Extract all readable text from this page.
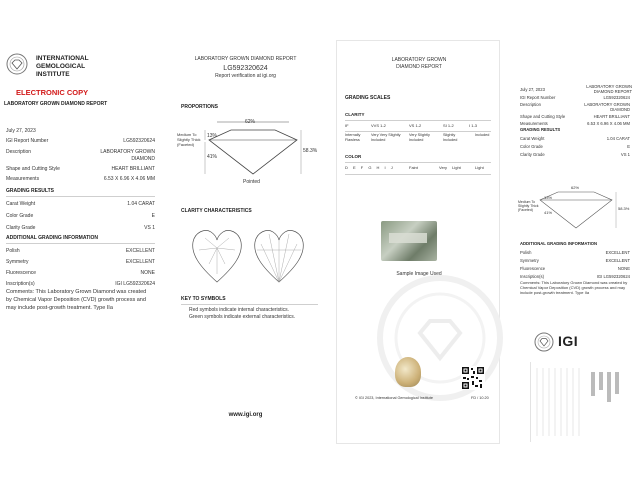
INTERNATIONAL
GEMOLOGICAL
INSTITUTE
ELECTRONIC COPY
LABORATORY GROWN DIAMOND REPORT
July 27, 2023
IGI Report Number	LG592320624
Description	LABORATORY GROWN
DIAMOND
Shape and Cutting Style	HEART BRILLIANT
Measurements	6.53 X 6.96 X 4.06 MM
GRADING RESULTS
Carat Weight	1.04 CARAT
Color Grade	E
Clarity Grade	VS 1
ADDITIONAL GRADING INFORMATION
Polish	EXCELLENT
Symmetry	EXCELLENT
Fluorescence	NONE
Inscription(s)	IGI LG592320624
Comments: This Laboratory Grown Diamond was created by Chemical Vapor Deposition (CVD) growth process and may include post-growth treatment. Type IIa
LABORATORY GROWN DIAMOND REPORT
LG592320624
Report verification at igi.org
PROPORTIONS
62%
58.3%
13%
41%
Medium To Slightly Thick (Faceted)
Pointed
CLARITY CHARACTERISTICS
KEY TO SYMBOLS
Red symbols indicate internal characteristics.
Green symbols indicate external characteristics.
www.igi.org
LABORATORY GROWN
DIAMOND REPORT
GRADING SCALES
CLARITY
IF	VVS 1-2	VS 1-2	SI 1-2	I 1-3
Internally Flawless
Very Very Slightly Included
Very Slightly Included
Slightly Included
Included
COLOR
D E F G H I J	Faint	Very Light	Light
Sample Image Used
© IGI 2023, International Gemological Institute	FD / 10.20
July 27, 2023
LABORATORY GROWN
DIAMOND REPORT
IGI Report Number	LG592320624
Description	LABORATORY GROWN
DIAMOND
Shape and Cutting Style	HEART BRILLIANT
Measurements	6.53 X 6.96 X 4.06 MM
GRADING RESULTS
Carat Weight	1.04 CARAT
Color Grade	E
Clarity Grade	VS 1
62%
58.3%
13%
41%
Medium To Slightly Thick (Faceted)
ADDITIONAL GRADING INFORMATION
Polish	EXCELLENT
Symmetry	EXCELLENT
Fluorescence	NONE
Inscription(s)	IGI LG592320624
Comments: This Laboratory Grown Diamond was created by Chemical Vapor Deposition (CVD) growth process and may include post-growth treatment. Type IIa
IGI
